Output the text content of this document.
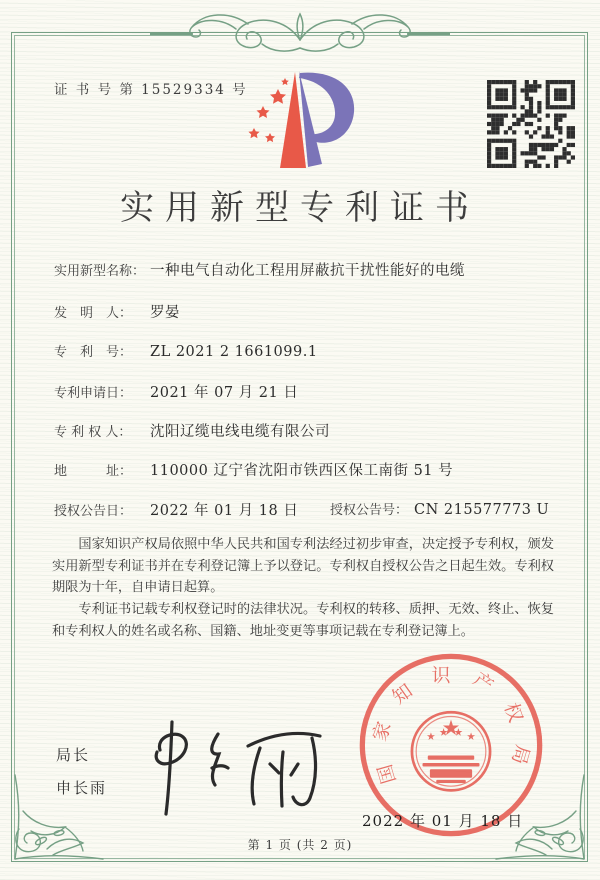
证 书 号 第 15529334 号
实用新型专利证书
实用新型名称： 一种电气自动化工程用屏蔽抗干扰性能好的电缆
发　明　人： 罗晏
专　利　号： ZL 2021 2 1661099.1
专利申请日： 2021 年 07 月 21 日
专 利 权 人： 沈阳辽缆电线电缆有限公司
地　　　址： 110000 辽宁省沈阳市铁西区保工南街 51 号
授权公告日： 2022 年 01 月 18 日 授权公告号： CN 215577773 U

国家知识产权局依照中华人民共和国专利法经过初步审查，决定授予专利权，颁发实用新型专利证书并在专利登记簿上予以登记。专利权自授权公告之日起生效。专利权期限为十年，自申请日起算。

专利证书记载专利权登记时的法律状况。专利权的转移、质押、无效、终止、恢复和专利权人的姓名或名称、国籍、地址变更等事项记载在专利登记簿上。

局长
申长雨
国家知识产权局
2022 年 01 月 18 日
第 1 页 (共 2 页)
